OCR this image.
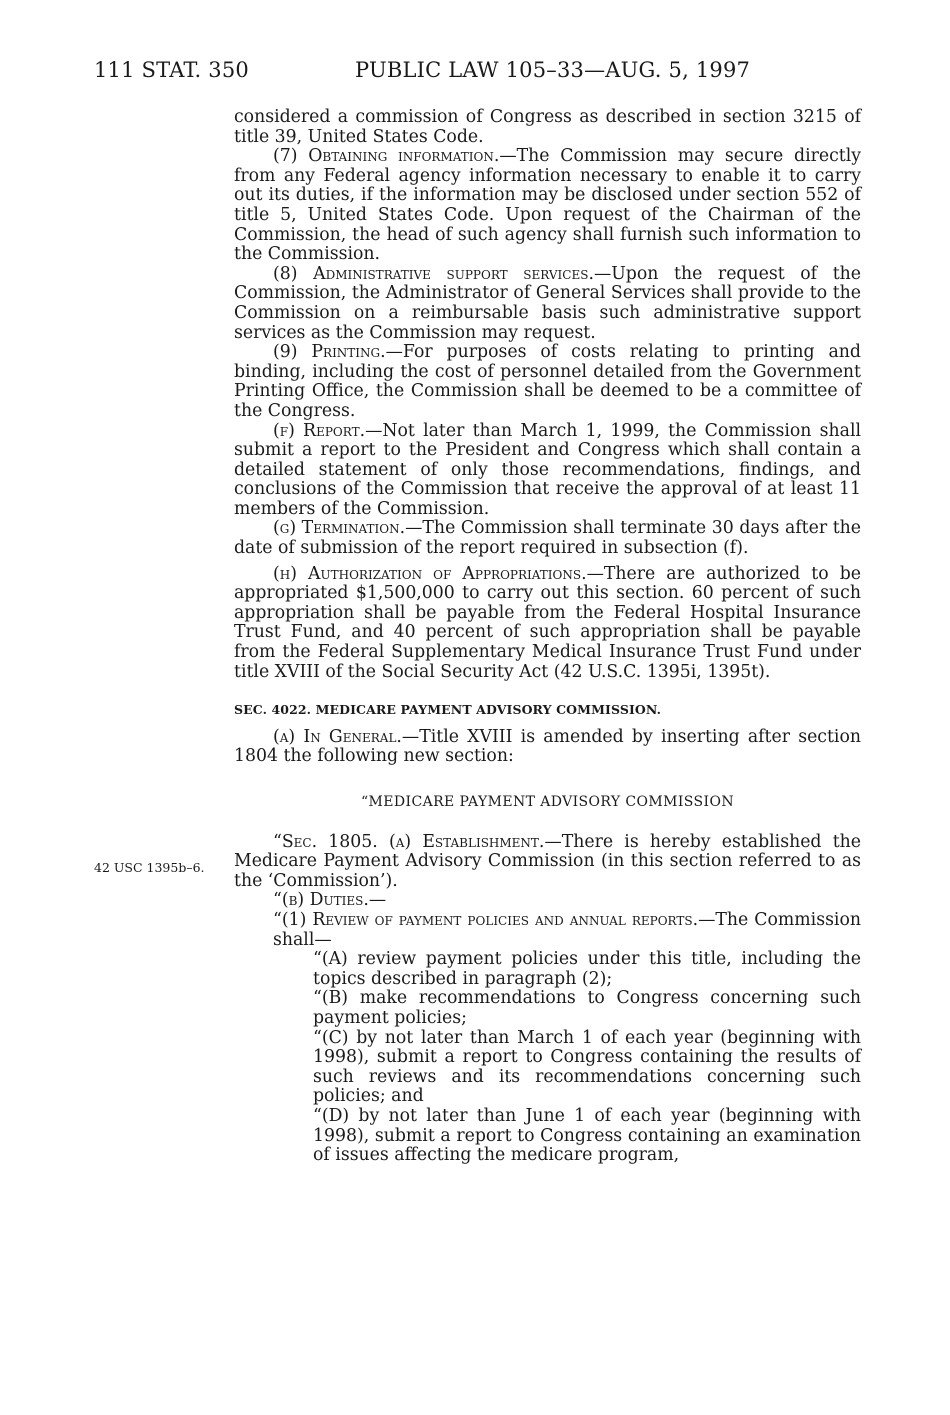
111 STAT. 350	PUBLIC LAW 105–33—AUG. 5, 1997
42 USC 1395b–6.

considered a commission of Congress as described in section 3215 of title 39, United States Code.

(7) Obtaining information.—The Commission may secure directly from any Federal agency information necessary to enable it to carry out its duties, if the information may be disclosed under section 552 of title 5, United States Code. Upon request of the Chairman of the Commission, the head of such agency shall furnish such information to the Commission.

(8) Administrative support services.—Upon the request of the Commission, the Administrator of General Services shall provide to the Commission on a reimbursable basis such administrative support services as the Commission may request.

(9) Printing.—For purposes of costs relating to printing and binding, including the cost of personnel detailed from the Government Printing Office, the Commission shall be deemed to be a committee of the Congress.

(f) Report.—Not later than March 1, 1999, the Commission shall submit a report to the President and Congress which shall contain a detailed statement of only those recommendations, findings, and conclusions of the Commission that receive the approval of at least 11 members of the Commission.

(g) Termination.—The Commission shall terminate 30 days after the date of submission of the report required in subsection (f).

(h) Authorization of Appropriations.—There are authorized to be appropriated $1,500,000 to carry out this section. 60 percent of such appropriation shall be payable from the Federal Hospital Insurance Trust Fund, and 40 percent of such appropriation shall be payable from the Federal Supplementary Medical Insurance Trust Fund under title XVIII of the Social Security Act (42 U.S.C. 1395i, 1395t).

SEC. 4022. MEDICARE PAYMENT ADVISORY COMMISSION.

(a) In General.—Title XVIII is amended by inserting after section 1804 the following new section:

“MEDICARE PAYMENT ADVISORY COMMISSION

“Sec. 1805. (a) Establishment.—There is hereby established the Medicare Payment Advisory Commission (in this section referred to as the ‘Commission’).

“(b) Duties.—

“(1) Review of payment policies and annual reports.—The Commission shall—

“(A) review payment policies under this title, including the topics described in paragraph (2);

“(B) make recommendations to Congress concerning such payment policies;

“(C) by not later than March 1 of each year (beginning with 1998), submit a report to Congress containing the results of such reviews and its recommendations concerning such policies; and

“(D) by not later than June 1 of each year (beginning with 1998), submit a report to Congress containing an examination of issues affecting the medicare program,
